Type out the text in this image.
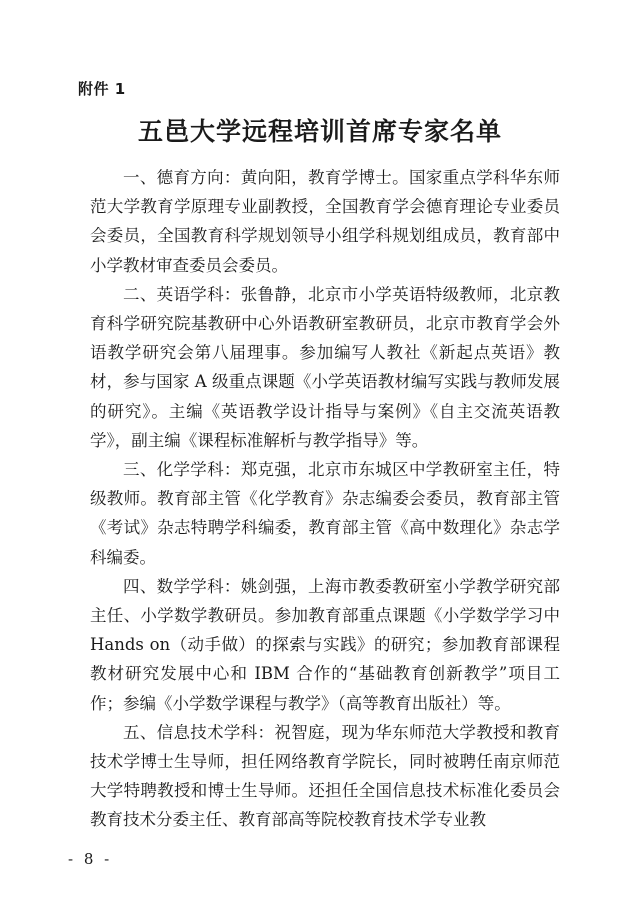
附件 1
五邑大学远程培训首席专家名单

一、德育方向：黄向阳，教育学博士。国家重点学科华东师范大学教育学原理专业副教授，全国教育学会德育理论专业委员会委员，全国教育科学规划领导小组学科规划组成员，教育部中小学教材审查委员会委员。

二、英语学科：张鲁静，北京市小学英语特级教师，北京教育科学研究院基教研中心外语教研室教研员，北京市教育学会外语教学研究会第八届理事。参加编写人教社《新起点英语》教材，参与国家 A 级重点课题《小学英语教材编写实践与教师发展的研究》。主编《英语教学设计指导与案例》《自主交流英语教学》，副主编《课程标准解析与教学指导》等。

三、化学学科：郑克强，北京市东城区中学教研室主任，特级教师。教育部主管《化学教育》杂志编委会委员，教育部主管《考试》杂志特聘学科编委，教育部主管《高中数理化》杂志学科编委。

四、数学学科：姚剑强，上海市教委教研室小学教学研究部主任、小学数学教研员。参加教育部重点课题《小学数学学习中 Hands on（动手做）的探索与实践》的研究；参加教育部课程教材研究发展中心和 IBM 合作的“基础教育创新教学”项目工作；参编《小学数学课程与教学》（高等教育出版社）等。

五、信息技术学科：祝智庭，现为华东师范大学教授和教育技术学博士生导师，担任网络教育学院长，同时被聘任南京师范大学特聘教授和博士生导师。还担任全国信息技术标准化委员会教育技术分委主任、教育部高等院校教育技术学专业教

- 8 -
